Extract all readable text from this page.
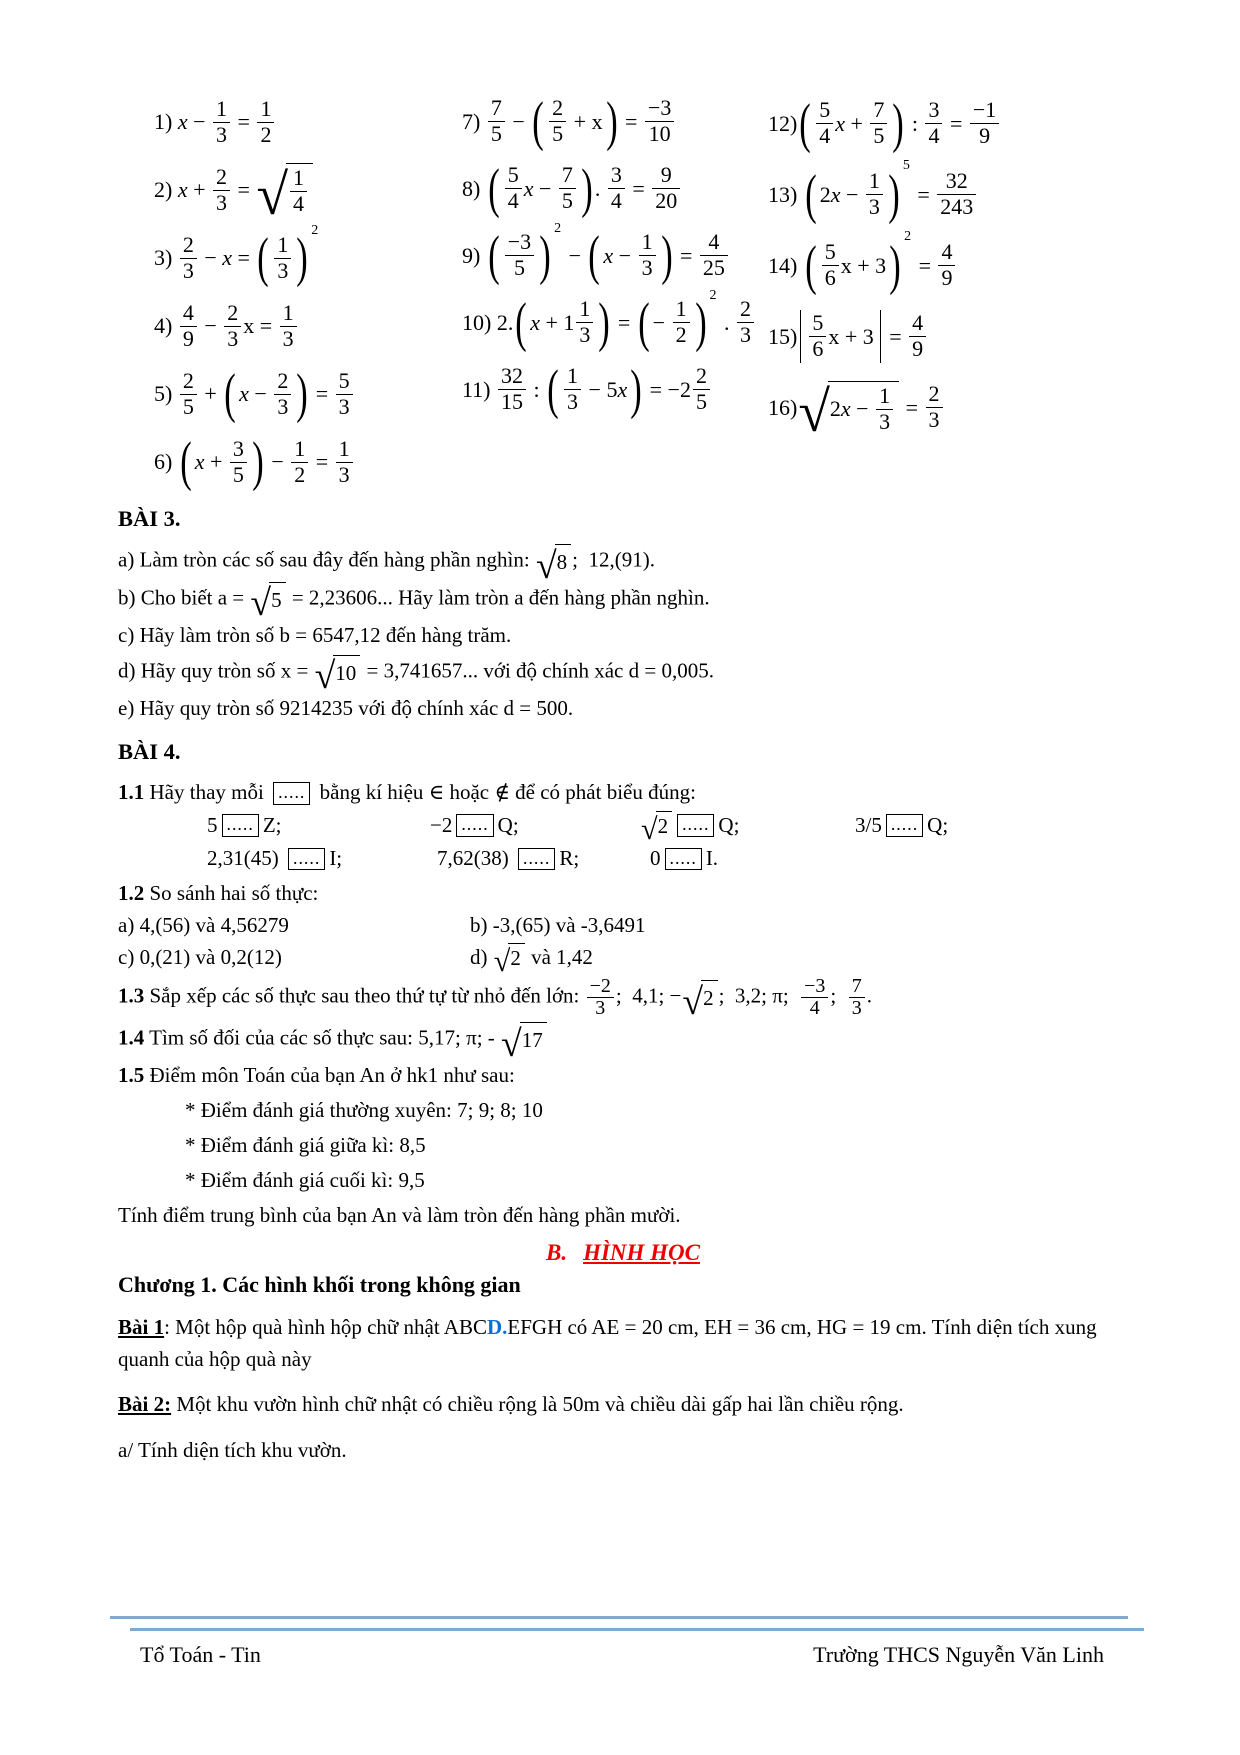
1) $x - \frac{1}{3} = \frac{1}{2}$
2) $x + \frac{2}{3}$ = √ $\frac{1}{4}$
$3) \frac{2}{3} - x$ = ( $\frac{1}{3}$ ) 2
$4) \frac{4}{9} - \frac{2}{3}$ $x = \frac{1}{3}$
$5) \frac{2}{5}$ + ( $x - \frac{2}{3}$ ) = $\frac{5}{3}$
6) ( $x + \frac{3}{5}$ ) − $\frac{1}{2} = \frac{1}{3}$
$7) \frac{7}{5}$ − ( $\frac{2}{5} + x$ ) = $\frac{-3}{10}$
8) ( $\frac{5}{4}$ $x - \frac{7}{5}$ ) . $\frac{3}{4} = \frac{9}{20}$
9) ( $\frac{-3}{5}$ ) 2
− ( $x - \frac{1}{3}$ ) = $\frac{4}{25}$
10) 2. ( $x + 1 \frac{1}{3}$ ) = ( − $\frac{1}{2}$ ) 2
. $\frac{2}{3}$
$11) \frac{32}{15}$ : ( $\frac{1}{3} - 5$ x ) = $-2 \frac{2}{5}$
12) ( $\frac{5}{4}$ $x + \frac{7}{5}$ ) : $\frac{3}{4} = \frac{-1}{9}$
13) ( 2 $x - \frac{1}{3}$ ) 5
= $\frac{32}{243}$
14) ( $\frac{5}{6}$ x + 3 ) 2
= $\frac{4}{9}$
$15) \frac{5}{6}$ $x + 3 = \frac{4}{9}$
16) √ 2 $x - \frac{1}{3} = \frac{2}{3}$
BÀI 3.
a) Làm tròn các số sau đây đến hàng phần nghìn: √ 8 ;  12,(91).
b) Cho biết a = √ 5 = 2,23606... Hãy làm tròn a đến hàng phần nghìn.
c) Hãy làm tròn số b = 6547,12 đến hàng trăm.
d) Hãy quy tròn số x = √ 10 = 3,741657... với độ chính xác d = 0,005.
e) Hãy quy tròn số 9214235 với độ chính xác d = 500.
BÀI 4.
1.1 Hãy thay mỗi ..... bằng kí hiệu ∈ hoặc ∉ để có phát biểu đúng:
5 ..... Z;	−2 ..... Q;	√ 2 ..... Q;	3/5 ..... Q;
2,31(45) ..... I;	7,62(38) ..... R;	0 ..... I.
1.2 So sánh hai số thực:
a) 4,(56) và 4,56279	b) -3,(65) và -3,6491
c) 0,(21) và 0,2(12)	d) √ 2 và 1,42
1.3 Sắp xếp các số thực sau theo thứ tự từ nhỏ đến lớn: $\frac{-2}{3}$ ;  4,1; − √ 2 ;  3,2; π; $\frac{-3}{4}$ ; $\frac{7}{3}$ .
1.4 Tìm số đối của các số thực sau: 5,17; π; - √ 17
1.5 Điểm môn Toán của bạn An ở hk1 như sau:
* Điểm đánh giá thường xuyên: 7; 9; 8; 10
* Điểm đánh giá giữa kì: 8,5
* Điểm đánh giá cuối kì: 9,5
Tính điểm trung bình của bạn An và làm tròn đến hàng phần mười.
B. HÌNH HỌC
Chương 1. Các hình khối trong không gian
Bài 1: Một hộp quà hình hộp chữ nhật ABCD.EFGH có AE = 20 cm, EH = 36 cm, HG = 19 cm. Tính diện tích xung quanh của hộp quà này
Bài 2: Một khu vườn hình chữ nhật có chiều rộng là 50m và chiều dài gấp hai lần chiều rộng.
a/ Tính diện tích khu vườn.
Tổ Toán - Tin	Trường THCS Nguyễn Văn Linh
